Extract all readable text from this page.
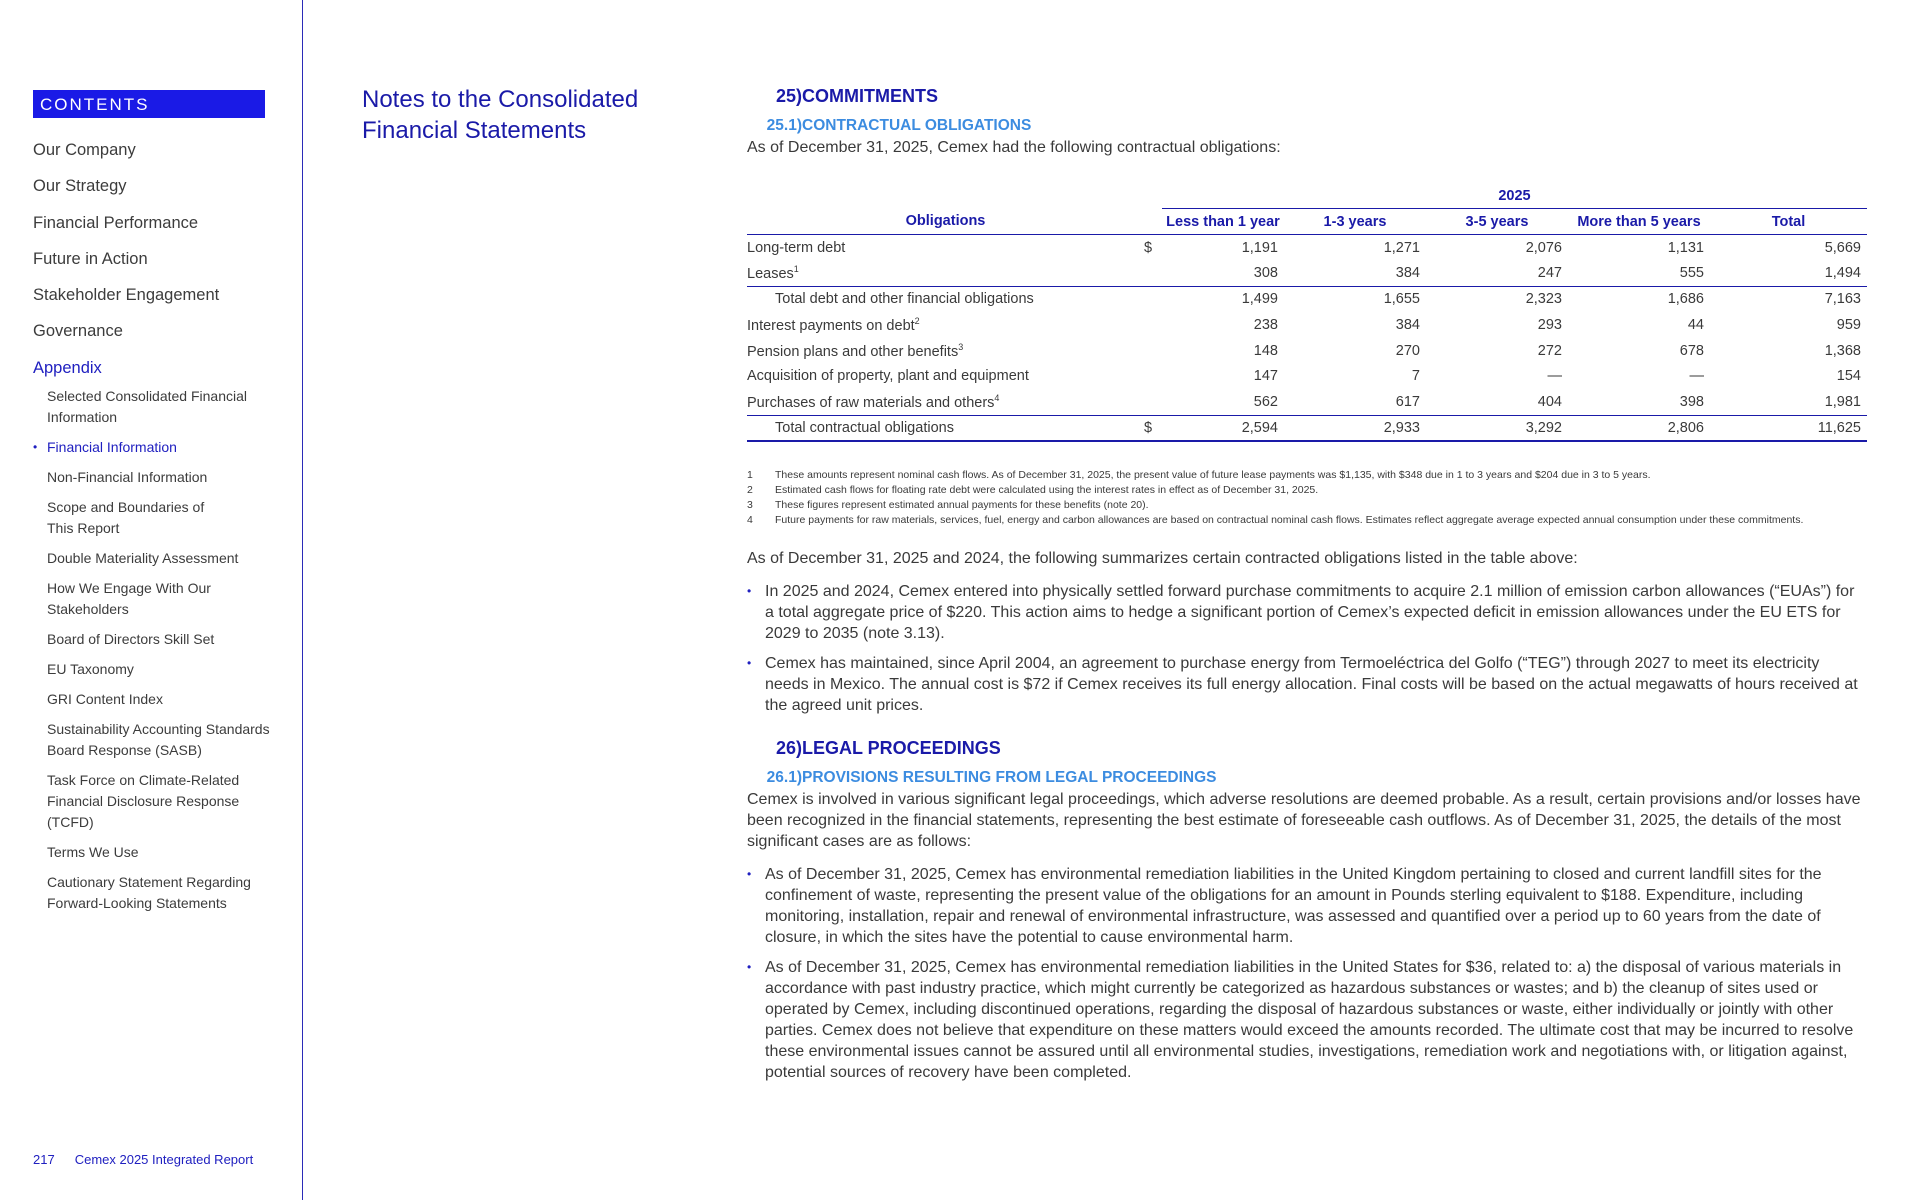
CONTENTS
Our Company
Our Strategy
Financial Performance
Future in Action
Stakeholder Engagement
Governance
Appendix
Selected Consolidated Financial Information
• Financial Information
Non-Financial Information
Scope and Boundaries of This Report
Double Materiality Assessment
How We Engage With Our Stakeholders
Board of Directors Skill Set
EU Taxonomy
GRI Content Index
Sustainability Accounting Standards Board Response (SASB)
Task Force on Climate-Related Financial Disclosure Response (TCFD)
Terms We Use
Cautionary Statement Regarding Forward-Looking Statements
217 Cemex 2025 Integrated Report
Notes to the Consolidated Financial Statements
25)COMMITMENTS
25.1)CONTRACTUAL OBLIGATIONS
As of December 31, 2025, Cemex had the following contractual obligations:
		2025				
Obligations		Less than 1 year	1-3 years	3-5 years	More than 5 years	Total
Long-term debt	$	1,191	1,271	2,076	1,131	5,669
Leases$^1$		308	384	247	555	1,494
Total debt and other financial obligations		1,499	1,655	2,323	1,686	7,163
Interest payments on debt$^2$		238	384	293	44	959
Pension plans and other benefits$^3$		148	270	272	678	1,368
Acquisition of property, plant and equipment		147	7	—	—	154
Purchases of raw materials and others$^4$		562	617	404	398	1,981
Total contractual obligations	$	2,594	2,933	3,292	2,806	11,625
1	These amounts represent nominal cash flows. As of December 31, 2025, the present value of future lease payments was $1,135, with $348 due in 1 to 3 years and $204 due in 3 to 5 years.
2	Estimated cash flows for floating rate debt were calculated using the interest rates in effect as of December 31, 2025.
3	These figures represent estimated annual payments for these benefits (note 20).
4	Future payments for raw materials, services, fuel, energy and carbon allowances are based on contractual nominal cash flows. Estimates reflect aggregate average expected annual consumption under these commitments.
As of December 31, 2025 and 2024, the following summarizes certain contracted obligations listed in the table above:
• In 2025 and 2024, Cemex entered into physically settled forward purchase commitments to acquire 2.1 million of emission carbon allowances (“EUAs”) for a total aggregate price of $220. This action aims to hedge a significant portion of Cemex’s expected deficit in emission allowances under the EU ETS for 2029 to 2035 (note 3.13).
• Cemex has maintained, since April 2004, an agreement to purchase energy from Termoeléctrica del Golfo (“TEG”) through 2027 to meet its electricity needs in Mexico. The annual cost is $72 if Cemex receives its full energy allocation. Final costs will be based on the actual megawatts of hours received at the agreed unit prices.
26)LEGAL PROCEEDINGS
26.1)PROVISIONS RESULTING FROM LEGAL PROCEEDINGS
Cemex is involved in various significant legal proceedings, which adverse resolutions are deemed probable. As a result, certain provisions and/or losses have been recognized in the financial statements, representing the best estimate of foreseeable cash outflows. As of December 31, 2025, the details of the most significant cases are as follows:
• As of December 31, 2025, Cemex has environmental remediation liabilities in the United Kingdom pertaining to closed and current landfill sites for the confinement of waste, representing the present value of the obligations for an amount in Pounds sterling equivalent to $188. Expenditure, including monitoring, installation, repair and renewal of environmental infrastructure, was assessed and quantified over a period up to 60 years from the date of closure, in which the sites have the potential to cause environmental harm.
• As of December 31, 2025, Cemex has environmental remediation liabilities in the United States for $36, related to: a) the disposal of various materials in accordance with past industry practice, which might currently be categorized as hazardous substances or wastes; and b) the cleanup of sites used or operated by Cemex, including discontinued operations, regarding the disposal of hazardous substances or waste, either individually or jointly with other parties. Cemex does not believe that expenditure on these matters would exceed the amounts recorded. The ultimate cost that may be incurred to resolve these environmental issues cannot be assured until all environmental studies, investigations, remediation work and negotiations with, or litigation against, potential sources of recovery have been completed.
